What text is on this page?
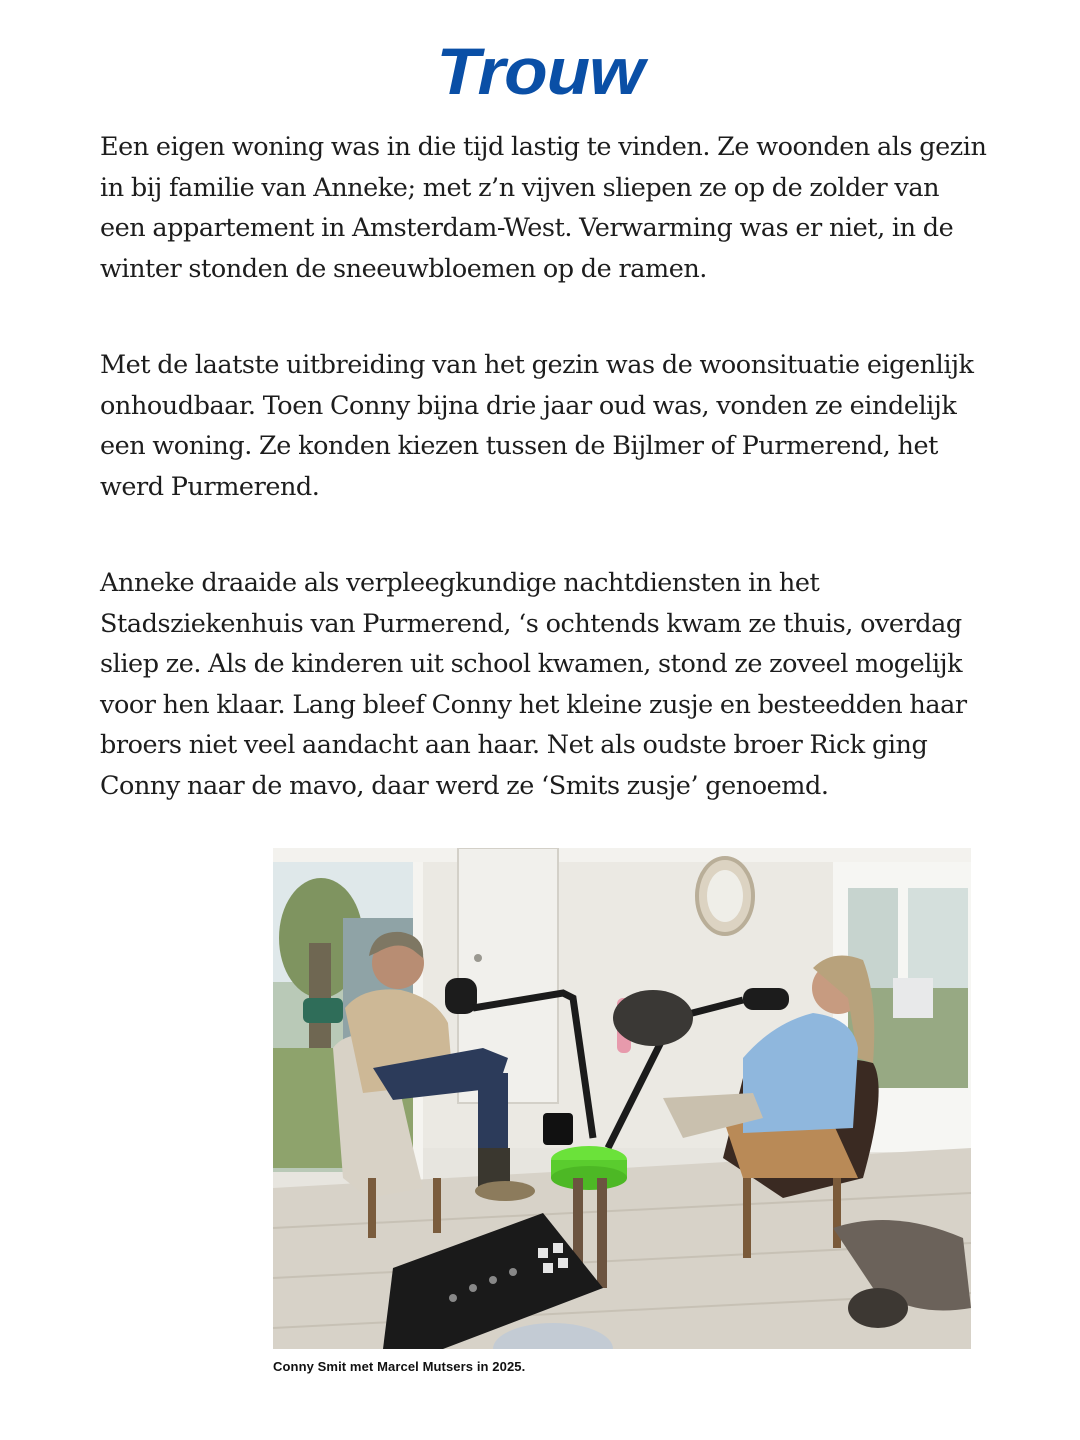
Trouw

Een eigen woning was in die tijd lastig te vinden. Ze woonden als gezin in bij familie van Anneke; met z’n vijven sliepen ze op de zolder van een appartement in Amsterdam-West. Verwarming was er niet, in de winter stonden de sneeuwbloemen op de ramen.

Met de laatste uitbreiding van het gezin was de woonsituatie eigenlijk onhoudbaar. Toen Conny bijna drie jaar oud was, vonden ze eindelijk een woning. Ze konden kiezen tussen de Bijlmer of Purmerend, het werd Purmerend.

Anneke draaide als verpleegkundige nachtdiensten in het Stadsziekenhuis van Purmerend, ‘s ochtends kwam ze thuis, overdag sliep ze. Als de kinderen uit school kwamen, stond ze zoveel mogelijk voor hen klaar. Lang bleef Conny het kleine zusje en besteedden haar broers niet veel aandacht aan haar. Net als oudste broer Rick ging Conny naar de mavo, daar werd ze ‘Smits zusje’ genoemd.

Conny Smit met Marcel Mutsers in 2025.
